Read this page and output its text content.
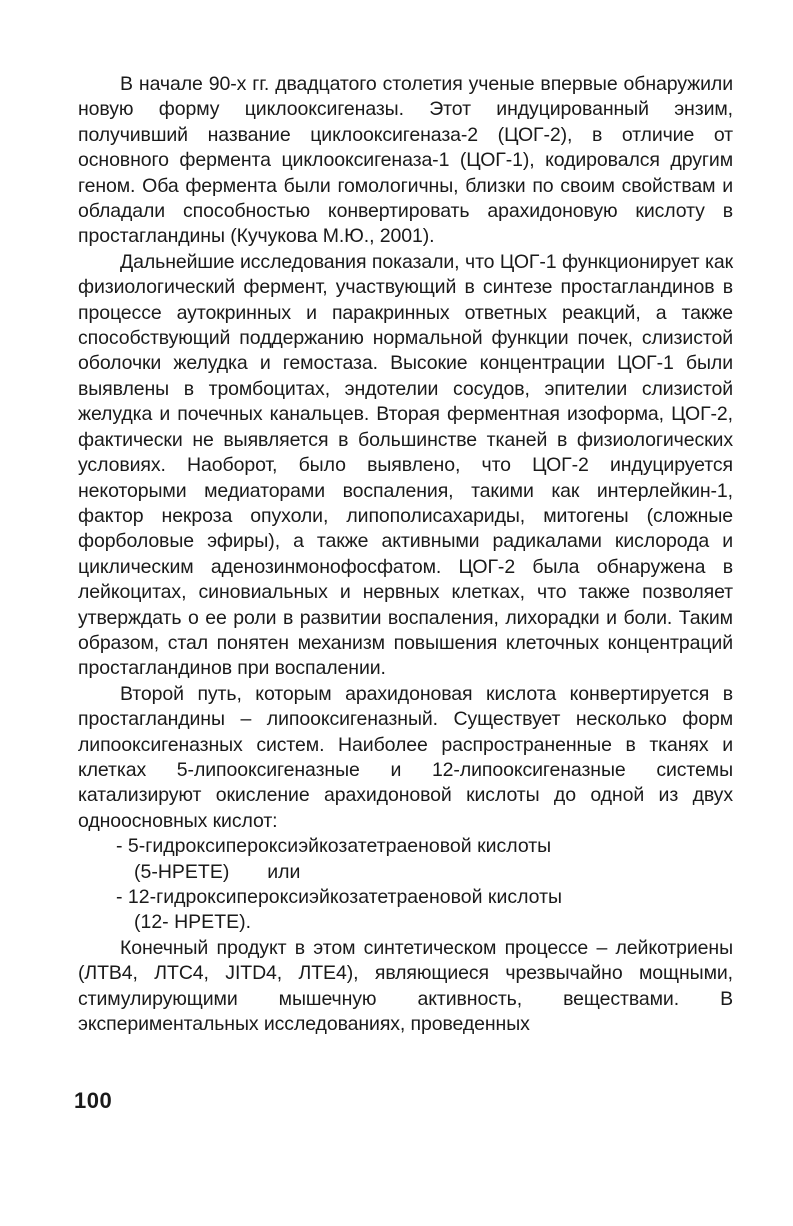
В начале 90-х гг. двадцатого столетия ученые впервые обнаружили новую форму циклооксигеназы. Этот индуцированный энзим, получивший название циклооксигеназа-2 (ЦОГ-2), в отличие от основного фермента циклооксигеназа-1 (ЦОГ-1), кодировался другим геном. Оба фермента были гомологичны, близки по своим свойствам и обладали способностью конвертировать арахидоновую кислоту в простагландины (Кучукова М.Ю., 2001).

Дальнейшие исследования показали, что ЦОГ-1 функционирует как физиологический фермент, участвующий в синтезе простагландинов в процессе аутокринных и паракринных ответных реакций, а также способствующий поддержанию нормальной функции почек, слизистой оболочки желудка и гемостаза. Высокие концентрации ЦОГ-1 были выявлены в тромбоцитах, эндотелии сосудов, эпителии слизистой желудка и почечных канальцев. Вторая ферментная изоформа, ЦОГ-2, фактически не выявляется в большинстве тканей в физиологических условиях. Наоборот, было выявлено, что ЦОГ-2 индуцируется некоторыми медиаторами воспаления, такими как интерлейкин-1, фактор некроза опухоли, липополисахариды, митогены (сложные форболовые эфиры), а также активными радикалами кислорода и циклическим аденозинмонофосфатом. ЦОГ-2 была обнаружена в лейкоцитах, синовиальных и нервных клетках, что также позволяет утверждать о ее роли в развитии воспаления, лихорадки и боли. Таким образом, стал понятен механизм повышения клеточных концентраций простагландинов при воспалении.

Второй путь, которым арахидоновая кислота конвертируется в простагландины – липооксигеназный. Существует несколько форм липооксигеназных систем. Наиболее распространенные в тканях и клетках 5-липооксигеназные и 12-липооксигеназные системы катализируют окисление арахидоновой кислоты до одной из двух одноосновных кислот:

- 5-гидроксипероксиэйкозатетраеновой кислоты
(5-HPETE)       или
- 12-гидроксипероксиэйкозатетраеновой кислоты
(12- HPETE).

Конечный продукт в этом синтетическом процессе – лейкотриены (ЛТВ4, ЛТС4, JITD4, ЛТЕ4), являющиеся чрезвычайно мощными, стимулирующими мышечную активность, веществами. В экспериментальных исследованиях, проведенных

100
